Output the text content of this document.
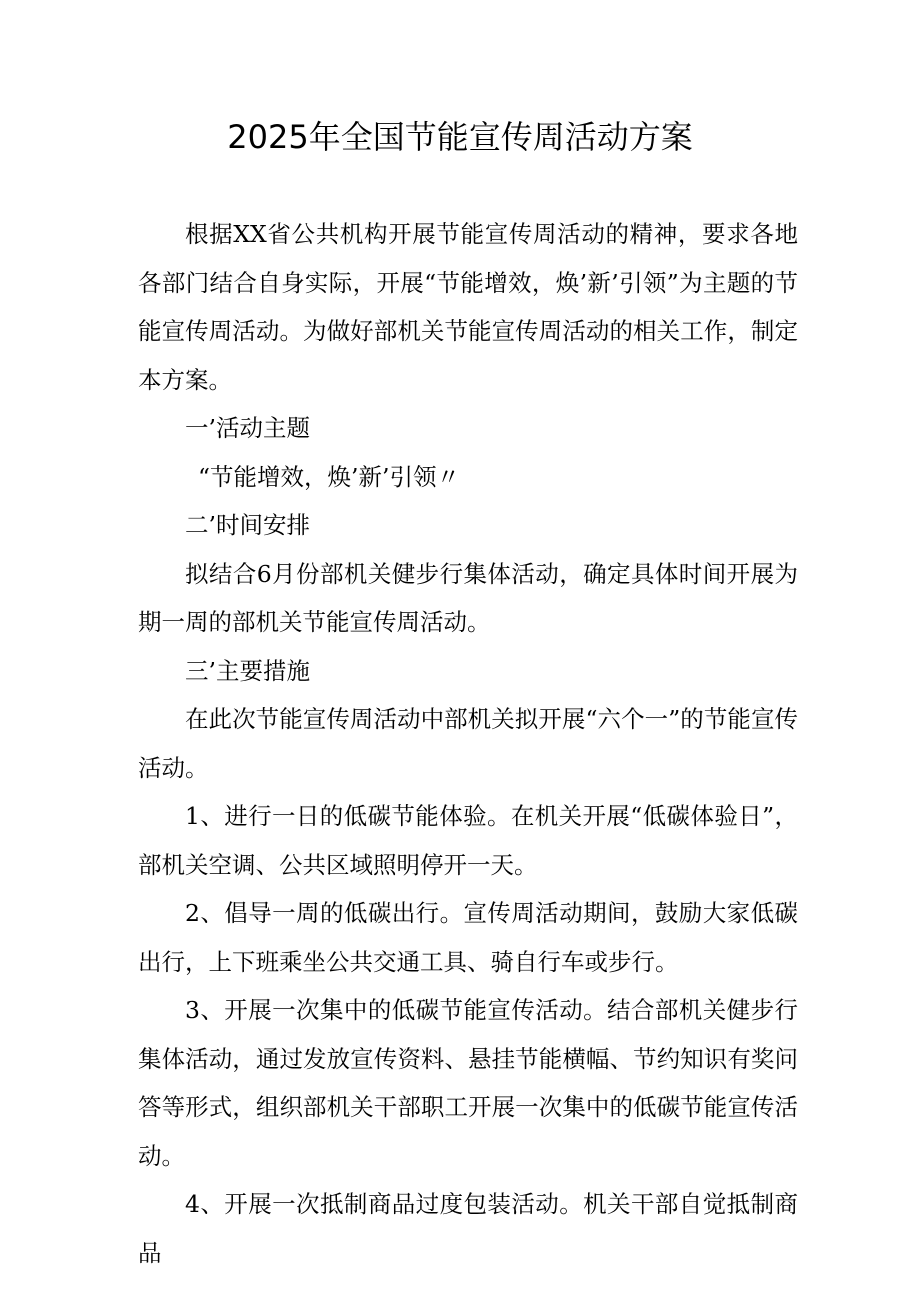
2025年全国节能宣传周活动方案

根据XX省公共机构开展节能宣传周活动的精神，要求各地各部门结合自身实际，开展“节能增效，焕’新’引领”为主题的节能宣传周活动。为做好部机关节能宣传周活动的相关工作，制定本方案。

一’活动主题

“节能增效，焕’新’引领〃

二’时间安排

拟结合6月份部机关健步行集体活动，确定具体时间开展为期一周的部机关节能宣传周活动。

三’主要措施

在此次节能宣传周活动中部机关拟开展“六个一”的节能宣传活动。

1、进行一日的低碳节能体验。在机关开展“低碳体验日”，部机关空调、公共区域照明停开一天。

2、倡导一周的低碳出行。宣传周活动期间，鼓励大家低碳出行，上下班乘坐公共交通工具、骑自行车或步行。

3、开展一次集中的低碳节能宣传活动。结合部机关健步行集体活动，通过发放宣传资料、悬挂节能横幅、节约知识有奖问答等形式，组织部机关干部职工开展一次集中的低碳节能宣传活动。

4、开展一次抵制商品过度包装活动。机关干部自觉抵制商品
